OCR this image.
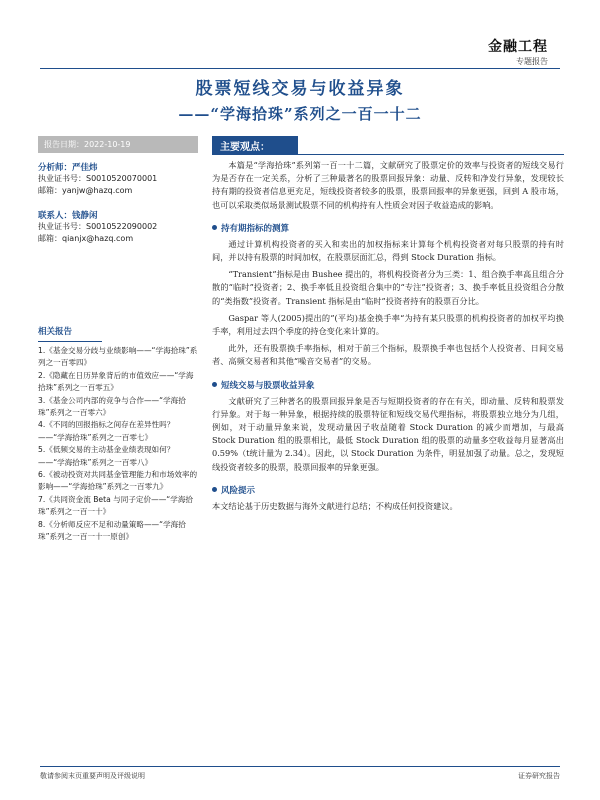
金融工程
专题报告
股票短线交易与收益异象
——“学海拾珠”系列之一百一十二
报告日期：2022-10-19
分析师：严佳炜
执业证书号：S0010520070001
邮箱：yanjw@hazq.com
联系人：钱静闲
执业证书号：S0010522090002
邮箱：qianjx@hazq.com
相关报告
1.《基金交易分歧与业绩影响——“学海拾珠”系列之一百零四》
2.《隐藏在日历异象背后的市值效应——“学海拾珠”系列之一百零五》
3.《基金公司内部的竞争与合作——“学海拾珠”系列之一百零六》
4.《不同的回报指标之间存在差异性吗？——“学海拾珠”系列之一百零七》
5.《低频交易的主动基金业绩表现如何？——“学海拾珠”系列之一百零八》
6.《被动投资对共同基金管理能力和市场效率的影响——“学海拾珠”系列之一百零九》
7.《共同资金流 Beta 与同子定价——“学海拾珠”系列之一百一十》
8.《分析师反应不足和动量策略——“学海拾珠”系列之一百一十一原创》
主要观点：

本篇是“学海拾珠”系列第一百一十二篇，文献研究了股票定价的效率与投资者的短线交易行为是否存在一定关系，分析了三种最著名的股票回报异象：动量、反转和净发行异象，发现较长持有期的投资者信息更充足，短线投资者较多的股票，股票回报率的异象更强，回到 A 股市场，也可以采取类似场景测试股票不同的机构持有人性质会对因子收益造成的影响。

持有期指标的测算

通过计算机构投资者的买入和卖出的加权指标来计算每个机构投资者对每只股票的持有时间，并以持有股票的时间加权，在股票层面汇总，得到 Stock Duration 指标。

“Transient”指标是由 Bushee 提出的，将机构投资者分为三类：1、组合换手率高且组合分散的“临时”投资者；2、换手率低且投资组合集中的“专注”投资者；3、换手率低且投资组合分散的“类指数”投资者。Transient 指标是由“临时”投资者持有的股票百分比。

Gaspar 等人(2005)提出的”(平均)基金换手率“为持有某只股票的机构投资者的加权平均换手率，利用过去四个季度的持仓变化来计算的。

此外，还有股票换手率指标，相对于前三个指标，股票换手率也包括个人投资者、日间交易者、高频交易者和其他“噪音交易者”的交易。

短线交易与股票收益异象

文献研究了三种著名的股票回报异象是否与短期投资者的存在有关，即动量、反转和股票发行异象。对于每一种异象，根据持续的股票特征和短线交易代理指标，将股票独立地分为几组，例如，对于动量异象来说，发现动量因子收益随着 Stock Duration 的减少而增加，与最高 Stock Duration 组的股票相比，最低 Stock Duration 组的股票的动量多空收益每月显著高出 0.59%（t统计量为 2.34）。因此，以 Stock Duration 为条件，明显加强了动量。总之，发现短线投资者较多的股票，股票回报率的异象更强。

风险提示

本文结论基于历史数据与海外文献进行总结；不构成任何投资建议。

敬请参阅末页重要声明及评级说明	证券研究报告
